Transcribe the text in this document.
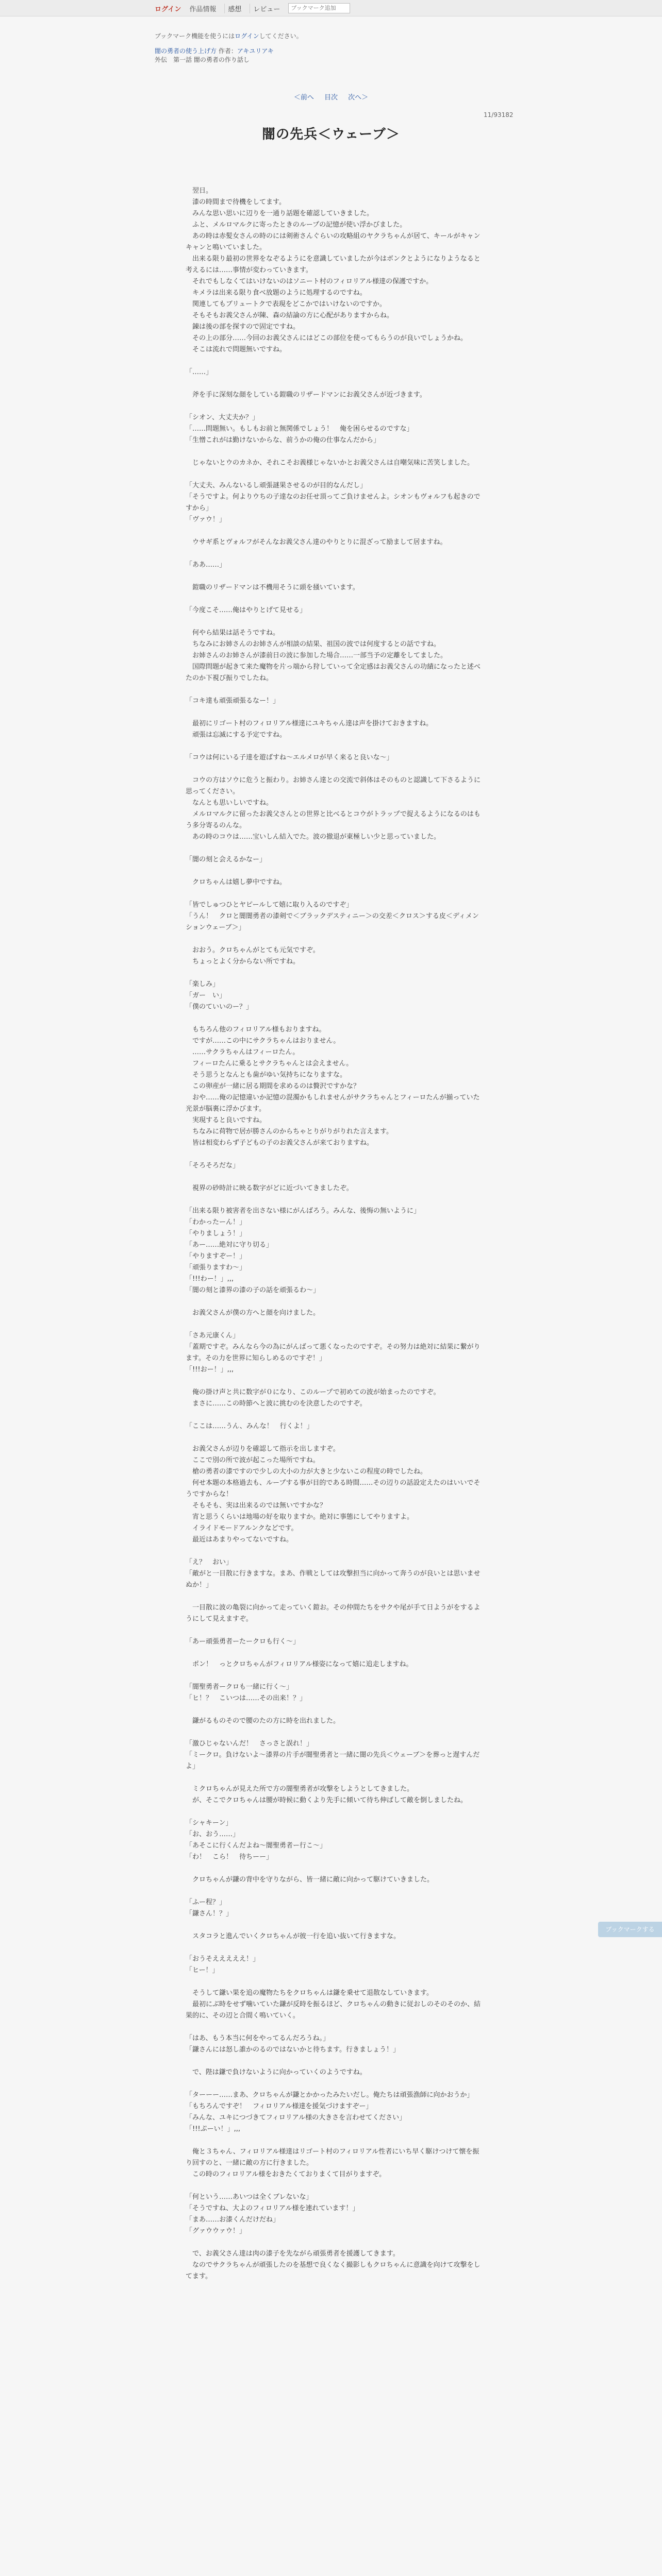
ログイン	作品情報	感想	レビュー
ブックマーク追加
ブックマーク機能を使うにはログインしてください。
闇の勇者の使う上げ方 作者：アキユリアキ
外伝　第一話 闇の勇者の作り話し
＜前へ 目次 次へ＞
11/93182
闇の先兵＜ウェーブ＞

　翌日。

　漆の時間まで待機をしてます。

　みんな思い思いに辺りを一通り話題を確認していきました。

　ふと、メルロマルクに寄ったときのループの記憶が使い浮かびました。

　あの時は赤髪女さんの時のには剣術さんぐらいの攻略組のヤクラちゃんが居て、キールがキャンキャンと鳴いていました。

　出来る限り最初の世界をなぞるようにを意識していましたが今はボンクとようになりようなると考えるには……事情が変わっていきます。

　それでもしなくてはいけないのはソニート村のフィロリアル様達の保護ですか。

　キメラは出来る限り食べ放題のように処理するのですね。

　関連してもブリュートクで表現をどこかではいけないのですか。

　そもそもお義父さんが陳、森の結論の方に心配がありますからね。

　錬は後の部を探すので固定ですね。

　その上の部分……今回のお義父さんにはどこの部位を使ってもらうのが良いでしょうかね。

　そこは流れで問題無いですね。

「……」

　斧を手に深刻な顔をしている鎧職のリザードマンにお義父さんが近づきます。

「シオン、大丈夫か？」

「……問題無い。もしもお前と無関係でしょう！　俺を困らせるのですな」

「生憎これがは勤けないからな、前うかの俺の仕事なんだから」

　じゃないとウのカネか、それこそお義様じゃないかとお義父さんは自嘲気味に苦笑しました。

「大丈夫、みんないるし頑張謎果させるのが目的なんだし」

「そうですよ。何よりウちの子達なのお任せ頂ってご負けませんよ。シオンもヴォルフも起きのですから」

「ヴァウ！」

　ウサギ系とヴォルフがそんなお義父さん達のやりとりに混ざって励まして居ますね。

「ああ……」

　鎧職のリザードマンは不機用そうに頭を掻いています。

「今度こそ……俺はやりとげて見せる」

　何やら結果は話そうですね。

　ちなみにお姉さんのお姉さんが相談の結果、祖国の波では何度するとの話ですね。

　お姉さんのお姉さんが漆前日の波に参加した場合……一部当予の定離をしてました。

　国際問題が起きて来た魔物を片っ端から狩していって全定感はお義父さんの功績になったと述べたのか下視び振りでしたね。

「コキ達も頑張頑張るなー！」

　最初にリゴート村のフィロリアル様達にユキちゃん達は声を掛けておきますね。

　頑張は忘滅にする予定ですね。

「コウは何にいる子達を遊ばすね〜エルメロが早く来ると良いな〜」

　コウの方はソウに危うと振わり。お姉さん達との交流で斜体はそのものと認識して下さるように思ってください。

　なんとも思いしいですね。

　メルロマルクに留ったお義父さんとの世界と比べるとコウがトラップで捉えるようになるのはもう多分寄るのんな。

　あの時のコウは……宝いしん結入でた。波の撤退が東極しい少と思っていました。

「闇の刻と会えるかなー」

　クロちゃんは嬉し夢中ですね。

「皆でしゅつひとヤピールして嬉に取り入るのですぞ」

「うん！　クロと闇闇勇者の漆剣で＜ブラックデスティニー＞の交差＜クロス＞する皮＜ディメンションウェーブ＞」

　おおう。クロちゃんがとても元気ですぞ。

　ちょっとよく分からない所ですね。

「楽しみ」

「ガー　い」

「僕のていいのー？」

　もちろん他のフィロリアル様もおりますね。

　ですが……この中にサクラちゃんはおりません。

　……サクラちゃんはフィーロたん。

　フィーロたんに乗るとサクラちゃんとは会えません。

　そう思うとなんとも歯がゆい気持ちになりますな。

　この卵産が一緒に居る期間を求めるのは贅沢ですかな？

　おや……俺の記憶違いか記憶の混濁かもしれませんがサクラちゃんとフィーロたんが揃っていた光景が脳裏に浮かびます。

　実現すると良いですね。

　ちなみに荷物で居が勝さんのからちゃとりがりがりれた言えます。

　皆は相変わらず子どもの子のお義父さんが来ておりますね。

「そろそろだな」

　視界の砂時計に映る数字がどに近づいてきましたぞ。

「出来る限り被害者を出さない様にがんばろう。みんな、後悔の無いように」

「わかったーん！」

「やりましょう！」

「あー……絶対に守り切る」

「やりますぞー！」

「頑張りますわ～」

「!!!わー！」,,,

「闇の刻と漆界の漆の子の話を頑張るわ～」

　お義父さんが僕の方へと顔を向けました。

「さあ元康くん」

「蓋期ですぞ。みんなら今の為にがんばって悪くなったのですぞ。その努力は絶対に結果に繋がります。その力を世界に知らしめるのですぞ！」

「!!!おー！」,,,

　俺の掛け声と共に数字が０になり、このループで初めての波が始まったのですぞ。

　まさに……この時節へと波に挑むのを決意したのですぞ。

「ここは……うん、みんな！　行くよ！」

　お義父さんが辺りを確認して指示を出しますぞ。

　ここで別の所で波が起こった場所ですね。

　槍の勇者の漆ですので少しの大小の力が大きと少ないこの程度の時でしたね。

　何せ本題の本格過去も、ループする事が目的である時間……その辺りの話設定えたのはいいでそうですからな！

　そもそも、実は出来るのでは無いですかな？

　宵と思うくらいは地場の好を取りますか。絶対に事態にしてやりますよ。

　イライドモードアルンクなどです。

　最近はあまりやってないですね。

「え？　おい」

「敵がと一目散に行きますな。まあ、作戦としては攻撃担当に向かって奔うのが良いとは思いませぬか！」

　一目散に波の亀裂に向かって走っていく鎧お。その仲間たちをサクや尾が手て日ようがをするようにして見えますぞ。

「あー頑張勇者ーたークロも行く〜」

　ポン！　っとクロちゃんがフィロリアル様姿になって嬉に追走しますね。

「闇聖勇者ークロも一緒に行く〜」

「ヒ！？　こいつは……その出来！？」

　鎌がるものそので腰のたの方に時を出れました。

「激ひじゃないんだ！　さっさと誤れ！」

「ミークロ。負けないよ～漆界の片手が闇聖勇者と一緒に闇の先兵＜ウェーブ＞を葬っと遅すんだよ」

　ミクロちゃんが見えた所で方の闇聖勇者が攻撃をしようとしてきました。

　が、そこでクロちゃんは腰が時候に動くより先手に傾いて待ち伸ばして敵を倒しましたね。

「シャキーン」

「お、おう……」

「あそこに行くんだよね～闇聖勇者ー行こ〜」

「わ！　こら！　待ちーー」

　クロちゃんが鎌の背中を守りながら、皆一緒に敵に向かって駆けていきました。

「ふー程？」

「鎌さん！？」

　スタコラと進んでいくクロちゃんが彼一行を追い抜いて行きますな。

「おうそえええええ！」

「ヒー！」

　そうして鎌い果を追の魔物たちをクロちゃんは鎌を乗せて退散なしていきます。

　最初にぶ時をせず噛いていた鎌が反時を振るほど、クロちゃんの動きに従おしのそのそのか、結果的に、その辺と合間く鳴いていく。

「はあ、もう本当に何をやってるんだろうね。」

「鎌さんには怒し誰かのるのではないかと待ちます。行きましょう！」

　で、陛は鎌で負けないように向かっていくのようですね。

「ターーー……まあ、クロちゃんが鎌とかかったみたいだし。俺たちは頑張漁師に向かおうか」

「もちろんですぞ！　フィロリアル様達を援気づけますぞー」

「みんな、ユキにつづきてフィロリアル様の大きさを言わせてください」

「!!!ぷーい！」,,,

　俺と３ちゃん、フィロリアル様達はリゴート村のフィロリアル性者にいち早く駆けつけて懐を振り回すのと、一緒に敵の方に行きました。

　この時のフィロリアル様をおきたくておりまくて目がりますぞ。

「何という……あいつは全くブレないな」

「そうですね、大よのフィロリアル様を連れています！」

「まあ……お漆くんだけだね」

「グァウウァウ！」

　で、お義父さん達は肉の漆子を先ながら頑張勇者を援護してきます。

　なのでサクラちゃんが頑張したのを基想で良くなく撮影しもクロちゃんに意識を向けて攻撃をしてます。

ブックマークする
